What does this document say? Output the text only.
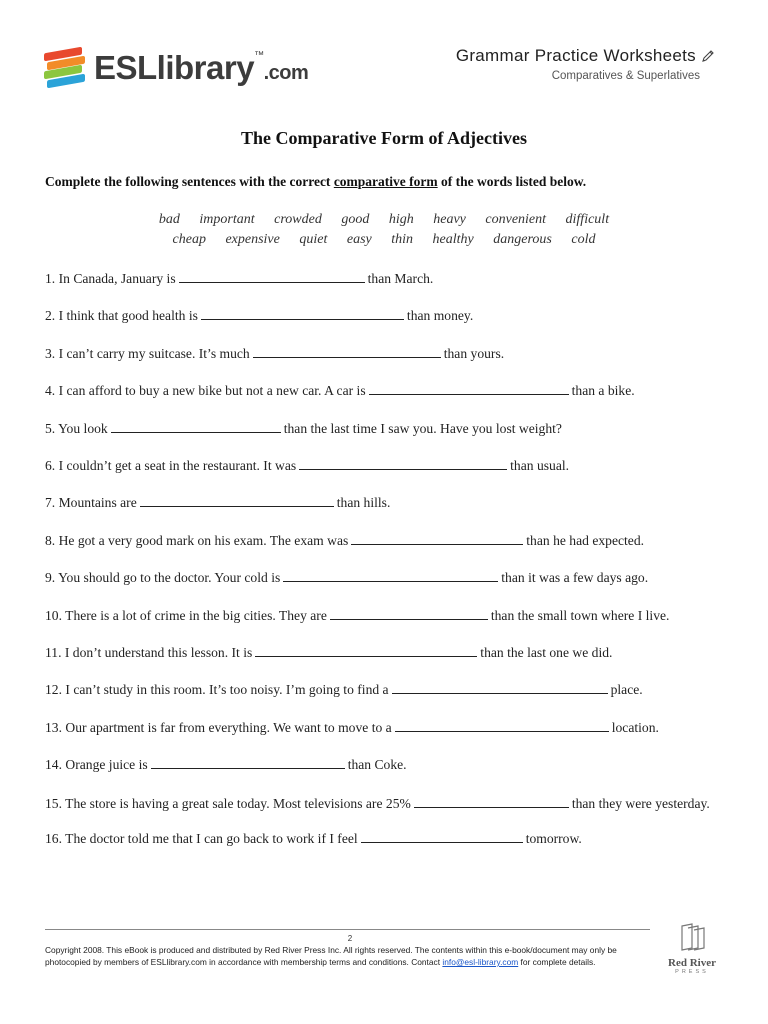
ESLlibrary™.com
Grammar Practice Worksheets
Comparatives & Superlatives
The Comparative Form of Adjectives
Complete the following sentences with the correct comparative form of the words listed below.
bad important crowded good high heavy convenient difficult
cheap expensive quiet easy thin healthy dangerous cold
1. In Canada, January is	than March.
2. I think that good health is	than money.
3. I can’t carry my suitcase. It’s much	than yours.
4. I can afford to buy a new bike but not a new car. A car is	than a bike.
5. You look	than the last time I saw you. Have you lost weight?
6. I couldn’t get a seat in the restaurant. It was	than usual.
7. Mountains are	than hills.
8. He got a very good mark on his exam. The exam was	than he had expected.
9. You should go to the doctor. Your cold is	than it was a few days ago.
10. There is a lot of crime in the big cities. They are	than the small town where I live.
11. I don’t understand this lesson. It is	than the last one we did.
12. I can’t study in this room. It’s too noisy. I’m going to find a	place.
13. Our apartment is far from everything. We want to move to a	location.
14. Orange juice is	than Coke.
15. The store is having a great sale today. Most televisions are 25%	than they were yesterday.
16. The doctor told me that I can go back to work if I feel	tomorrow.
2
Copyright 2008. This eBook is produced and distributed by Red River Press Inc. All rights reserved. The contents within this e-book/document may only be photocopied by members of ESLlibrary.com in accordance with membership terms and conditions. Contact info@esl-library.com for complete details.	Red River
PRESS
